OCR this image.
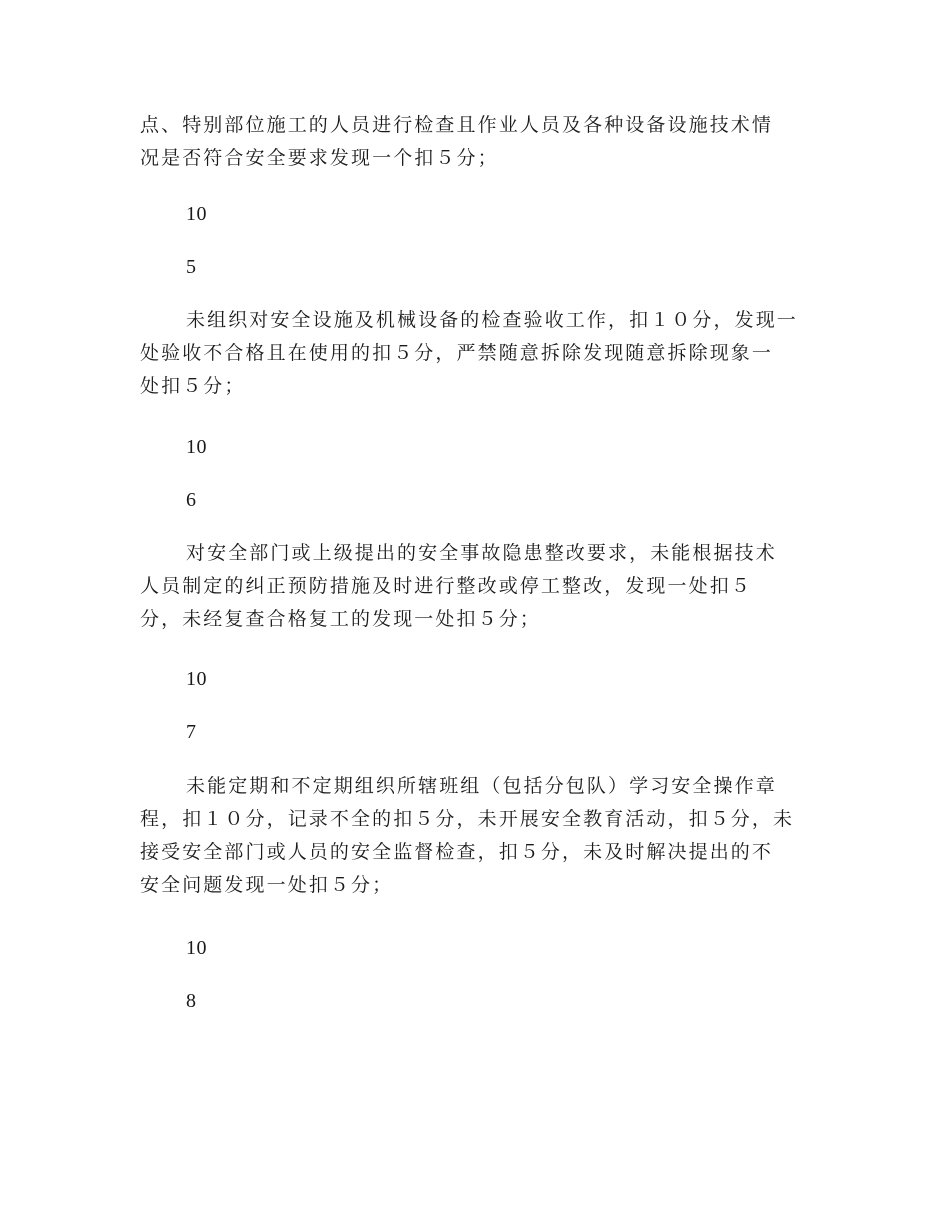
点、特别部位施工的人员进行检查且作业人员及各种设备设施技术情
况是否符合安全要求发现一个扣５分；

10

5

未组织对安全设施及机械设备的检查验收工作，扣１０分，发现一
处验收不合格且在使用的扣５分，严禁随意拆除发现随意拆除现象一
处扣５分；

10

6

对安全部门或上级提出的安全事故隐患整改要求，未能根据技术
人员制定的纠正预防措施及时进行整改或停工整改，发现一处扣５
分，未经复查合格复工的发现一处扣５分；

10

7

未能定期和不定期组织所辖班组（包括分包队）学习安全操作章
程，扣１０分，记录不全的扣５分，未开展安全教育活动，扣５分，未
接受安全部门或人员的安全监督检查，扣５分，未及时解决提出的不
安全问题发现一处扣５分；

10

8
